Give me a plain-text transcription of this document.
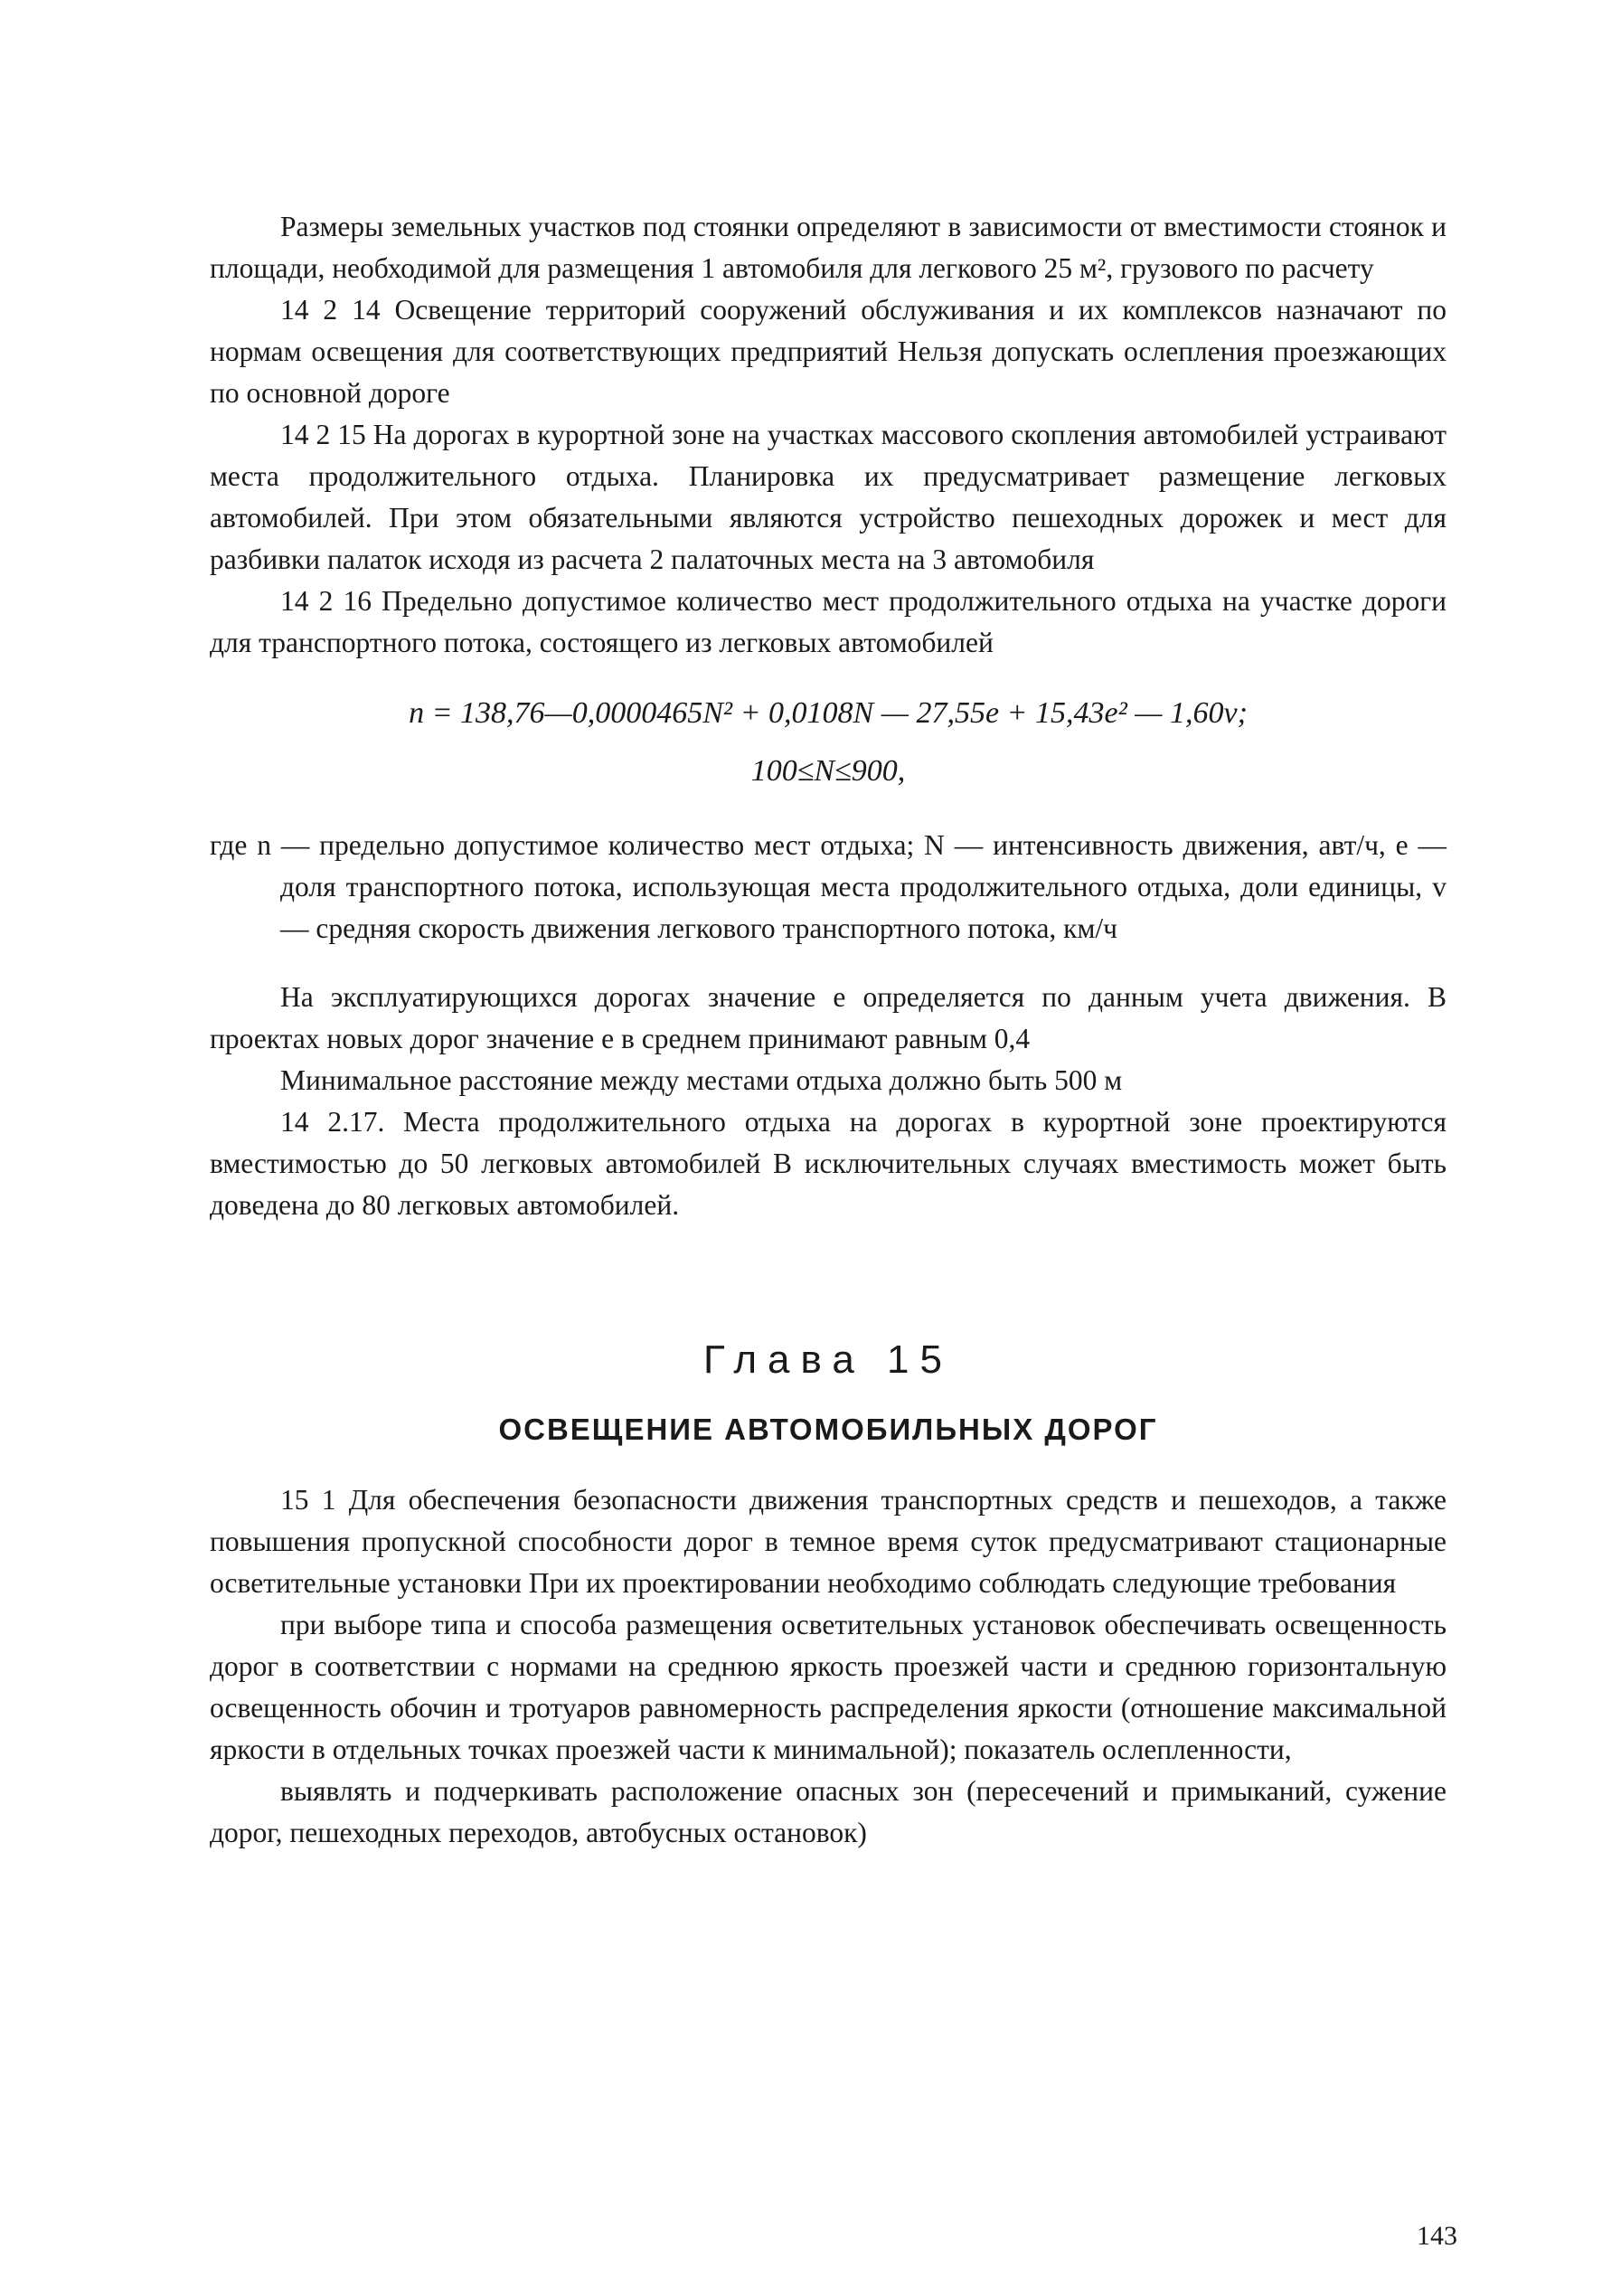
Размеры земельных участков под стоянки определяют в зависимости от вместимости стоянок и площади, необходимой для размещения 1 автомобиля для легкового 25 м², грузового по расчету

14 2 14 Освещение территорий сооружений обслуживания и их комплексов назначают по нормам освещения для соответствующих предприятий Нельзя допускать ослепления проезжающих по основной дороге

14 2 15 На дорогах в курортной зоне на участках массового скопления автомобилей устраивают места продолжительного отдыха. Планировка их предусматривает размещение легковых автомобилей. При этом обязательными являются устройство пешеходных дорожек и мест для разбивки палаток исходя из расчета 2 палаточных места на 3 автомобиля

14 2 16 Предельно допустимое количество мест продолжительного отдыха на участке дороги для транспортного потока, состоящего из легковых автомобилей

n = 138,76—0,0000465N² + 0,0108N — 27,55e + 15,43e² — 1,60v;
100≤N≤900,
где n — предельно допустимое количество мест отдыха; N — интенсивность движения, авт/ч, e — доля транспортного потока, использующая места продолжительного отдыха, доли единицы, v — средняя скорость движения легкового транспортного потока, км/ч

На эксплуатирующихся дорогах значение e определяется по данным учета движения. В проектах новых дорог значение e в среднем принимают равным 0,4

Минимальное расстояние между местами отдыха должно быть 500 м

14 2.17. Места продолжительного отдыха на дорогах в курортной зоне проектируются вместимостью до 50 легковых автомобилей В исключительных случаях вместимость может быть доведена до 80 легковых автомобилей.

Глава 15
ОСВЕЩЕНИЕ АВТОМОБИЛЬНЫХ ДОРОГ

15 1 Для обеспечения безопасности движения транспортных средств и пешеходов, а также повышения пропускной способности дорог в темное время суток предусматривают стационарные осветительные установки При их проектировании необходимо соблюдать следующие требования

при выборе типа и способа размещения осветительных установок обеспечивать освещенность дорог в соответствии с нормами на среднюю яркость проезжей части и среднюю горизонтальную освещенность обочин и тротуаров равномерность распределения яркости (отношение максимальной яркости в отдельных точках проезжей части к минимальной); показатель ослепленности,

выявлять и подчеркивать расположение опасных зон (пересечений и примыканий, сужение дорог, пешеходных переходов, автобусных остановок)

143
